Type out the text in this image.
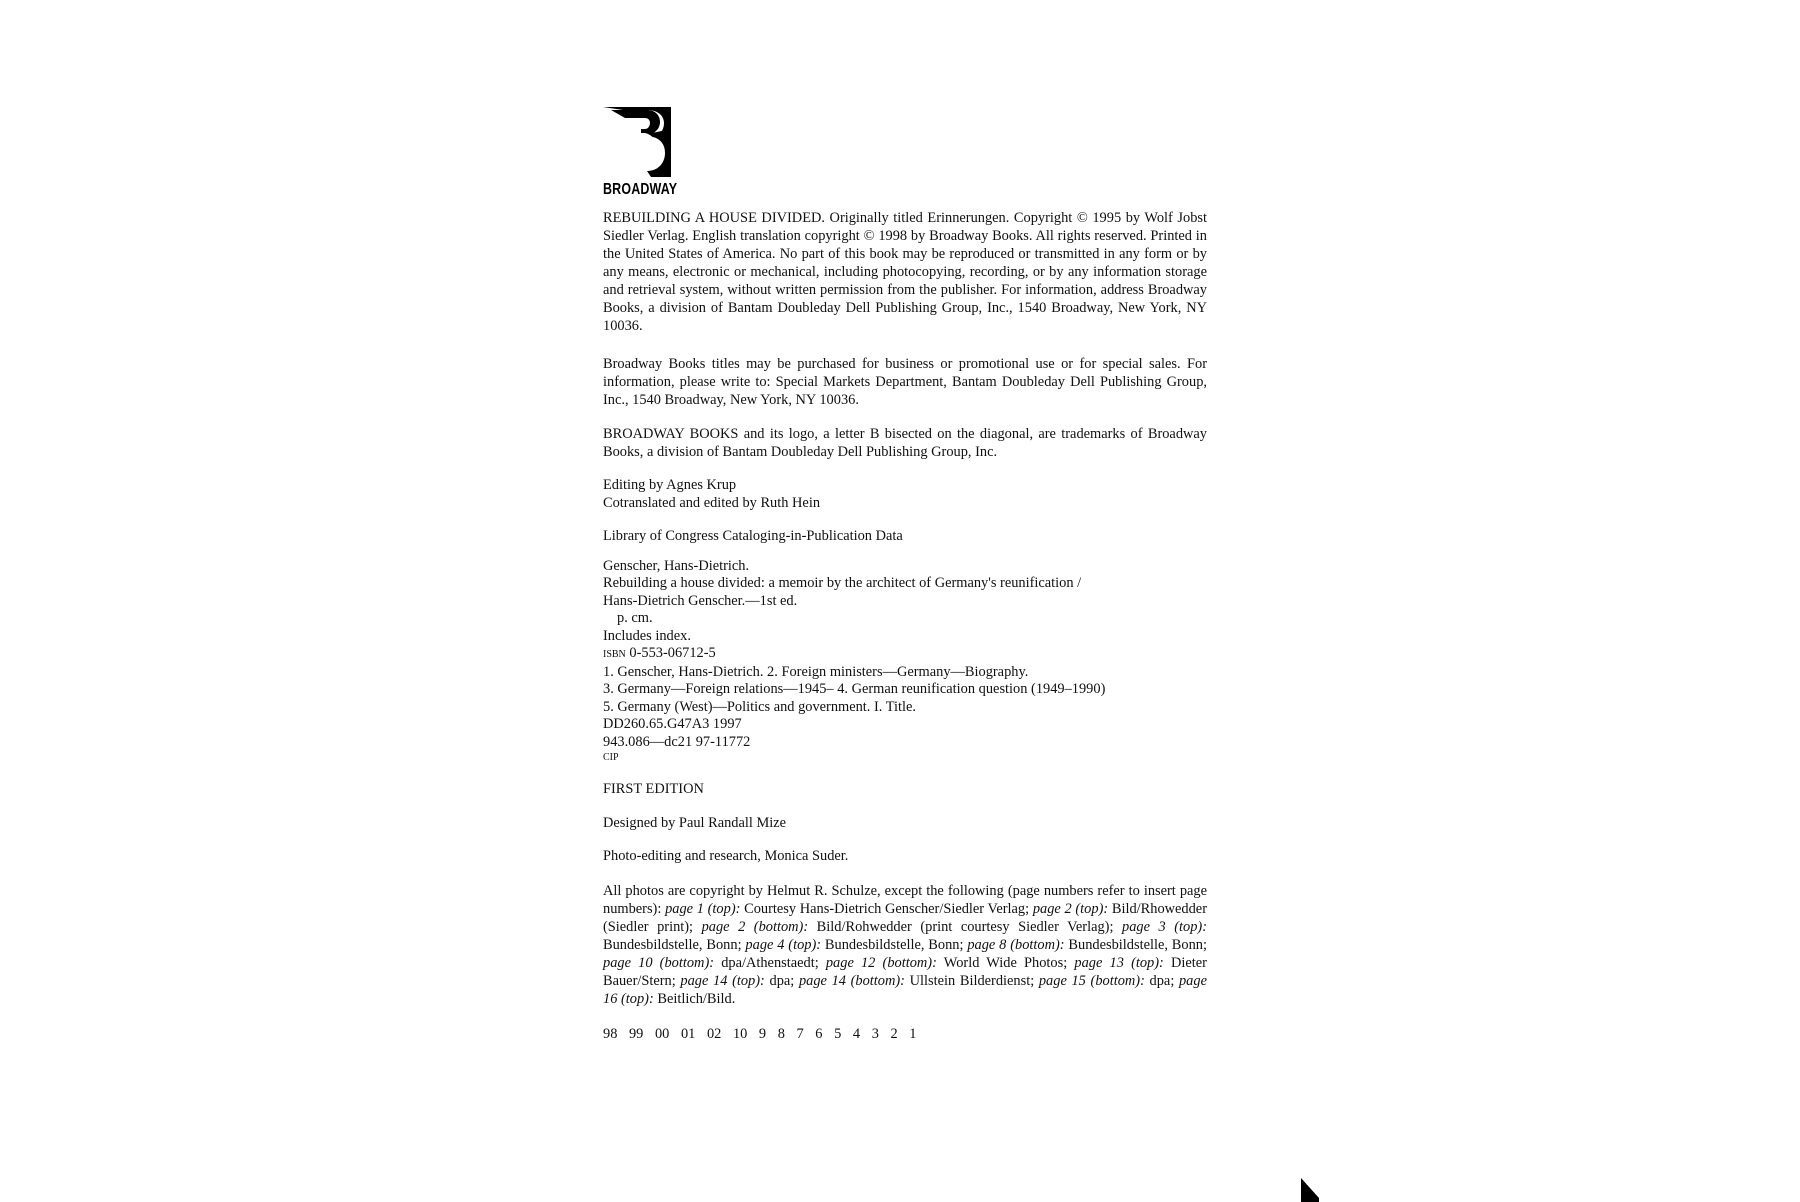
BROADWAY

REBUILDING A HOUSE DIVIDED. Originally titled Erinnerungen. Copyright © 1995 by Wolf Jobst Siedler Verlag. English translation copyright © 1998 by Broadway Books. All rights reserved. Printed in the United States of America. No part of this book may be reproduced or transmitted in any form or by any means, electronic or mechanical, including photocopying, recording, or by any information storage and retrieval system, without written permission from the publisher. For information, address Broadway Books, a division of Bantam Doubleday Dell Publishing Group, Inc., 1540 Broadway, New York, NY 10036.

Broadway Books titles may be purchased for business or promotional use or for special sales. For information, please write to: Special Markets Department, Bantam Doubleday Dell Publishing Group, Inc., 1540 Broadway, New York, NY 10036.

BROADWAY BOOKS and its logo, a letter B bisected on the diagonal, are trademarks of Broadway Books, a division of Bantam Doubleday Dell Publishing Group, Inc.

Editing by Agnes Krup
Cotranslated and edited by Ruth Hein
Library of Congress Cataloging-in-Publication Data
Genscher, Hans-Dietrich.
Rebuilding a house divided: a memoir by the architect of Germany's reunification /
Hans-Dietrich Genscher.—1st ed.
p. cm.
Includes index.
ISBN 0-553-06712-5
1. Genscher, Hans-Dietrich. 2. Foreign ministers—Germany—Biography.
3. Germany—Foreign relations—1945– 4. German reunification question (1949–1990)
5. Germany (West)—Politics and government. I. Title.
DD260.65.G47A3 1997
943.086—dc21 97-11772
CIP
FIRST EDITION
Designed by Paul Randall Mize
Photo-editing and research, Monica Suder.

All photos are copyright by Helmut R. Schulze, except the following (page numbers refer to insert page numbers): page 1 (top): Courtesy Hans-Dietrich Genscher/Siedler Verlag; page 2 (top): Bild/Rhowedder (Siedler print); page 2 (bottom): Bild/Rohwedder (print courtesy Siedler Verlag); page 3 (top): Bundesbildstelle, Bonn; page 4 (top): Bundesbildstelle, Bonn; page 8 (bottom): Bundesbildstelle, Bonn; page 10 (bottom): dpa/Athenstaedt; page 12 (bottom): World Wide Photos; page 13 (top): Dieter Bauer/Stern; page 14 (top): dpa; page 14 (bottom): Ullstein Bilderdienst; page 15 (bottom): dpa; page 16 (top): Beitlich/Bild.

98 99 00 01 02 10 9 8 7 6 5 4 3 2 1
